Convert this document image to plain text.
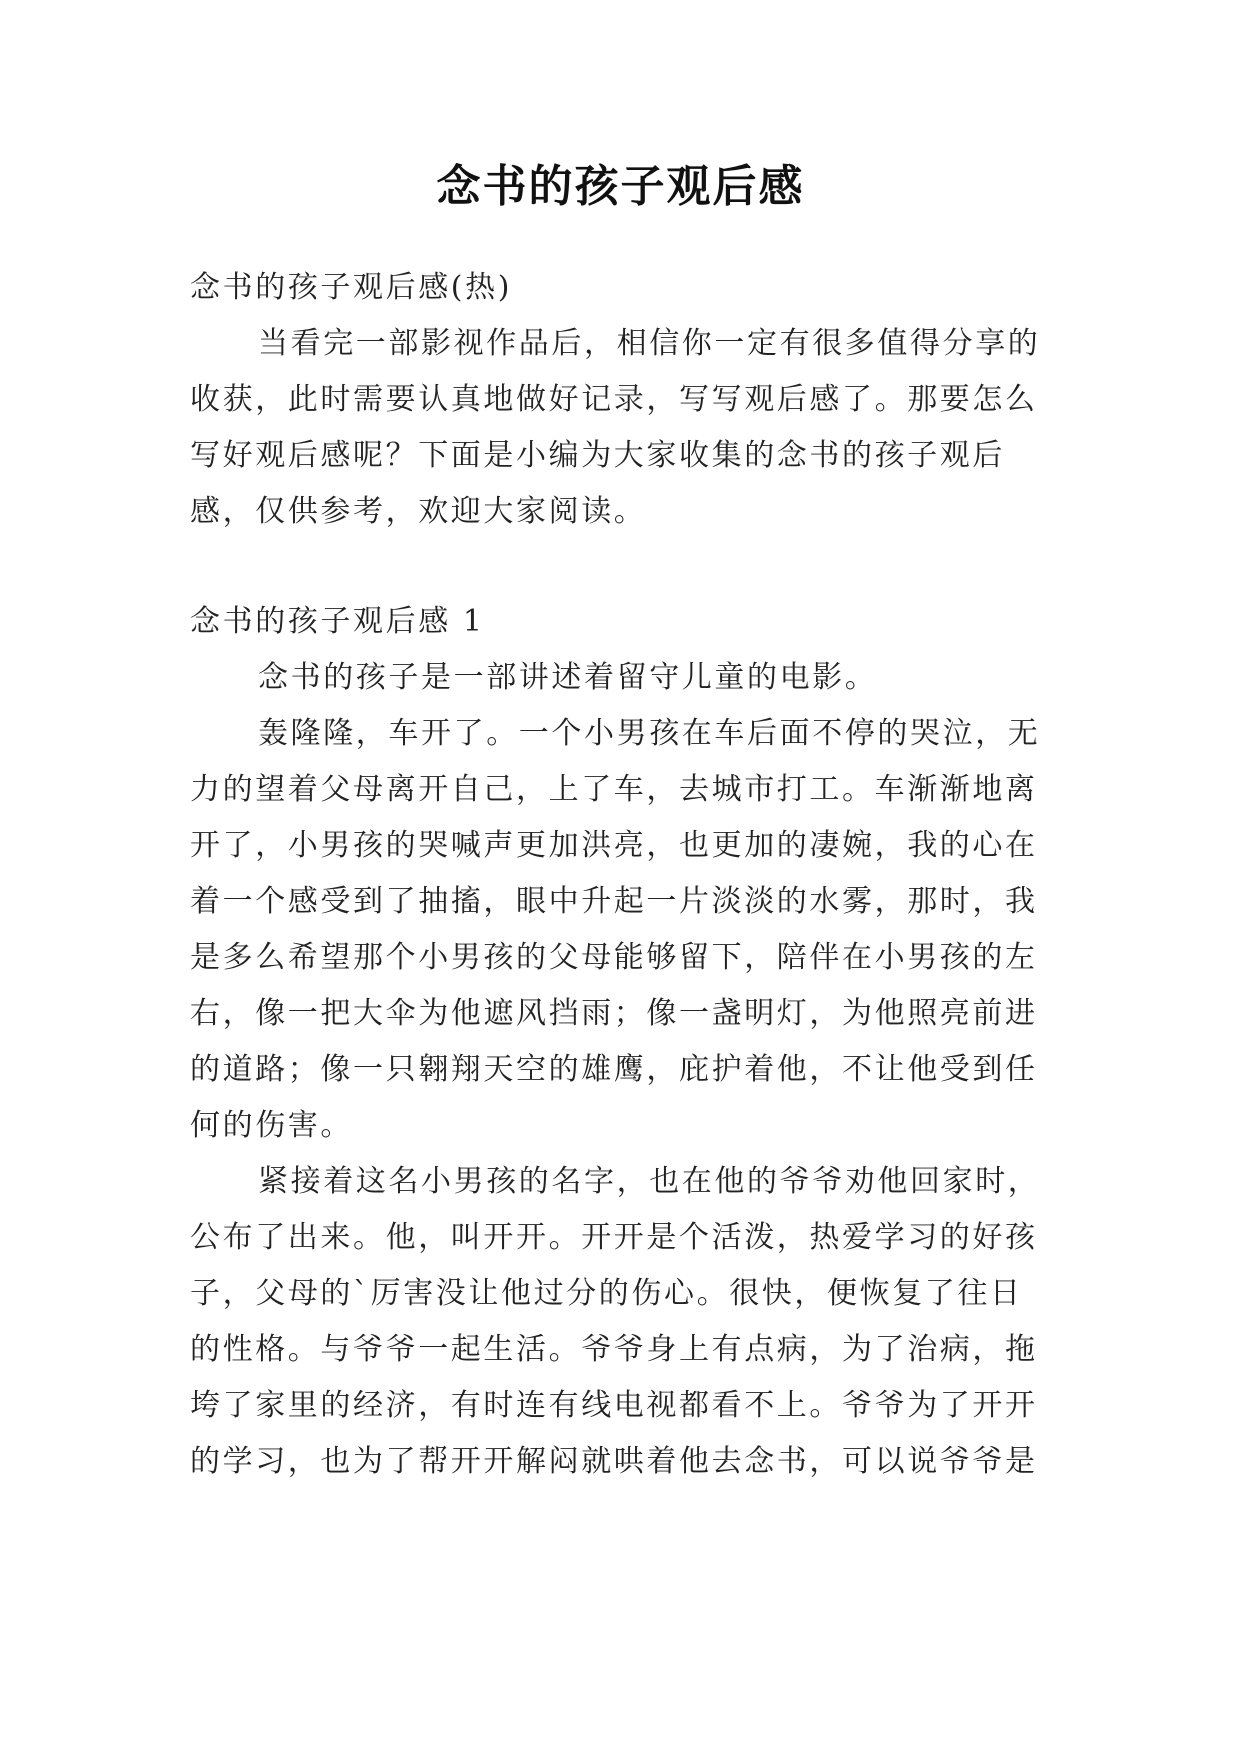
念书的孩子观后感
念书的孩子观后感(热)
当看完一部影视作品后，相信你一定有很多值得分享的
收获，此时需要认真地做好记录，写写观后感了。那要怎么
写好观后感呢？下面是小编为大家收集的念书的孩子观后
感，仅供参考，欢迎大家阅读。
念书的孩子观后感 1
念书的孩子是一部讲述着留守儿童的电影。
轰隆隆，车开了。一个小男孩在车后面不停的哭泣，无
力的望着父母离开自己，上了车，去城市打工。车渐渐地离
开了，小男孩的哭喊声更加洪亮，也更加的凄婉，我的心在
着一个感受到了抽搐，眼中升起一片淡淡的水雾，那时，我
是多么希望那个小男孩的父母能够留下，陪伴在小男孩的左
右，像一把大伞为他遮风挡雨；像一盏明灯，为他照亮前进
的道路；像一只翱翔天空的雄鹰，庇护着他，不让他受到任
何的伤害。
紧接着这名小男孩的名字，也在他的爷爷劝他回家时，
公布了出来。他，叫开开。开开是个活泼，热爱学习的好孩
子，父母的`厉害没让他过分的伤心。很快，便恢复了往日
的性格。与爷爷一起生活。爷爷身上有点病，为了治病，拖
垮了家里的经济，有时连有线电视都看不上。爷爷为了开开
的学习，也为了帮开开解闷就哄着他去念书，可以说爷爷是
